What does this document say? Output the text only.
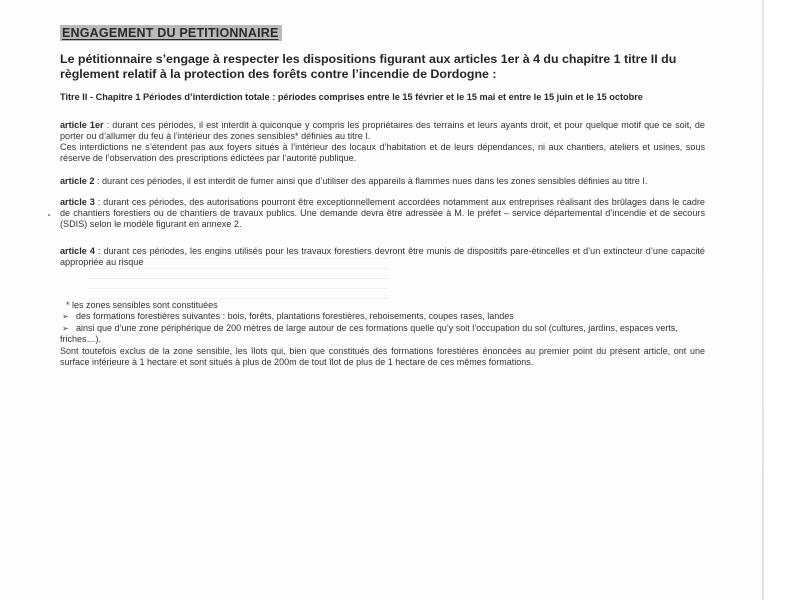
ENGAGEMENT DU PETITIONNAIRE
Le pétitionnaire s’engage à respecter les dispositions figurant aux articles 1er à 4 du chapitre 1 titre II du règlement relatif à la protection des forêts contre l’incendie de Dordogne :
Titre II - Chapitre 1 Périodes d’interdiction totale : périodes comprises entre le 15 février et le 15 mai et entre le 15 juin et le 15 octobre
article 1er : durant ces périodes, il est interdit à quiconque y compris les propriétaires des terrains et leurs ayants droit, et pour quelque motif que ce soit, de porter ou d’allumer du feu à l’intérieur des zones sensibles* définies au titre I.
Ces interdictions ne s’étendent pas aux foyers situés à l’intérieur des locaux d’habitation et de leurs dépendances, ni aux chantiers, ateliers et usines, sous réserve de l’observation des prescriptions édictées par l’autorité publique.
article 2 : durant ces périodes, il est interdit de fumer ainsi que d’utiliser des appareils à flammes nues dans les zones sensibles définies au titre I.
article 3 : durant ces périodes, des autorisations pourront être exceptionnellement accordées notamment aux entreprises réalisant des brûlages dans le cadre de chantiers forestiers ou de chantiers de travaux publics. Une demande devra être adressée à M. le préfet – service départemental d’incendie et de secours (SDIS) selon le modèle figurant en annexe 2.
article 4 : durant ces périodes, les engins utilisés pour les travaux forestiers devront être munis de dispositifs pare-étincelles et d’un extincteur d’une capacité appropriée au risque
* les zones sensibles sont constituées
➢ des formations forestières suivantes : bois, forêts, plantations forestières, reboisements, coupes rases, landes
➢ ainsi que d’une zone périphérique de 200 mètres de large autour de ces formations quelle qu’y soit l’occupation du sol (cultures, jardins, espaces verts, friches…).
Sont toutefois exclus de la zone sensible, les îlots qui, bien que constitués des formations forestières énoncées au premier point du présent article, ont une surface inférieure à 1 hectare et sont situés à plus de 200m de tout îlot de plus de 1 hectare de ces mêmes formations.
